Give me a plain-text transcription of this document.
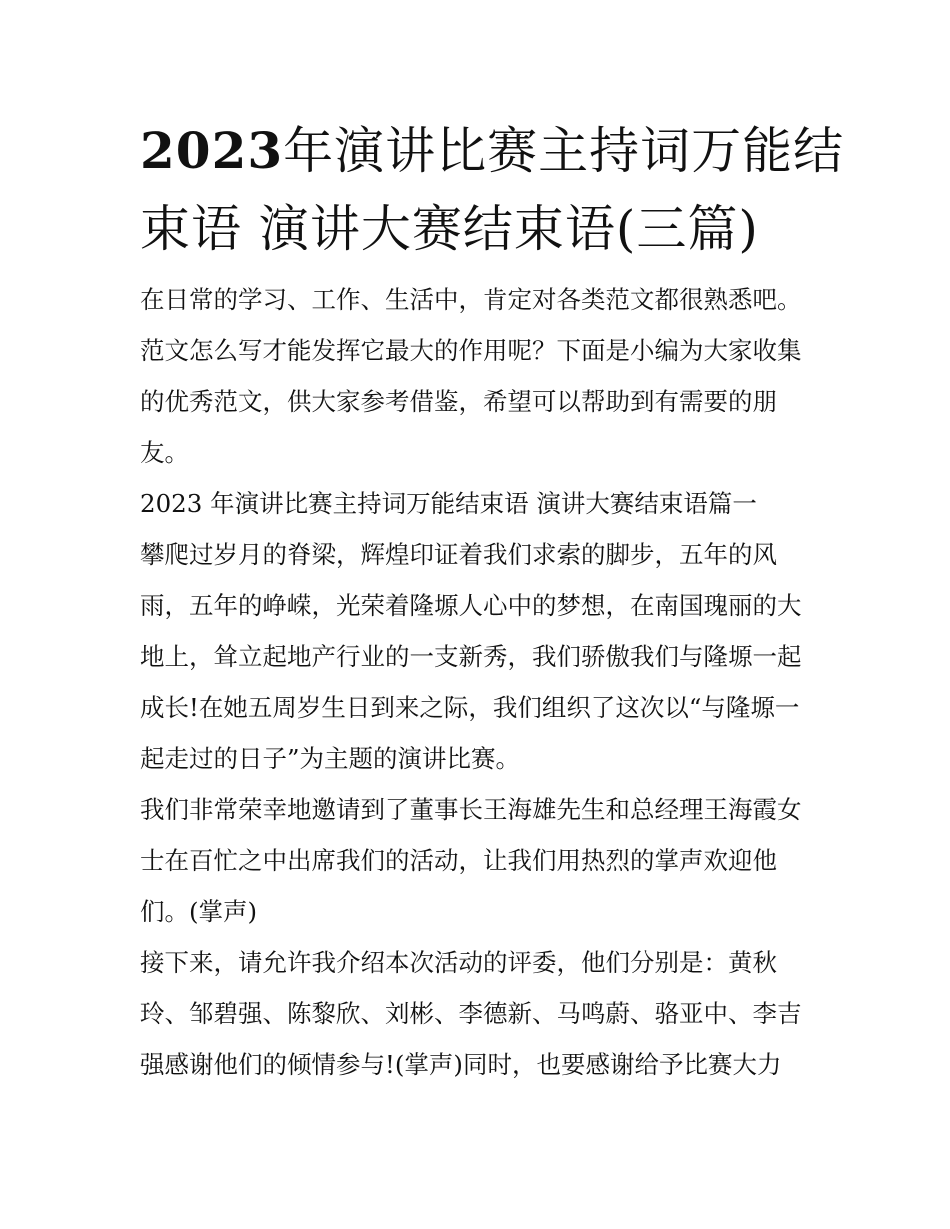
2023年演讲比赛主持词万能结
束语 演讲大赛结束语(三篇)
在日常的学习、工作、生活中，肯定对各类范文都很熟悉吧。
范文怎么写才能发挥它最大的作用呢？下面是小编为大家收集
的优秀范文，供大家参考借鉴，希望可以帮助到有需要的朋
友。
2023 年演讲比赛主持词万能结束语 演讲大赛结束语篇一
攀爬过岁月的脊梁，辉煌印证着我们求索的脚步，五年的风
雨，五年的峥嵘，光荣着隆塬人心中的梦想，在南国瑰丽的大
地上，耸立起地产行业的一支新秀，我们骄傲我们与隆塬一起
成长!在她五周岁生日到来之际，我们组织了这次以“与隆塬一
起走过的日子”为主题的演讲比赛。
我们非常荣幸地邀请到了董事长王海雄先生和总经理王海霞女
士在百忙之中出席我们的活动，让我们用热烈的掌声欢迎他
们。(掌声)
接下来，请允许我介绍本次活动的评委，他们分别是：黄秋
玲、邹碧强、陈黎欣、刘彬、李德新、马鸣蔚、骆亚中、李吉
强感谢他们的倾情参与!(掌声)同时，也要感谢给予比赛大力
